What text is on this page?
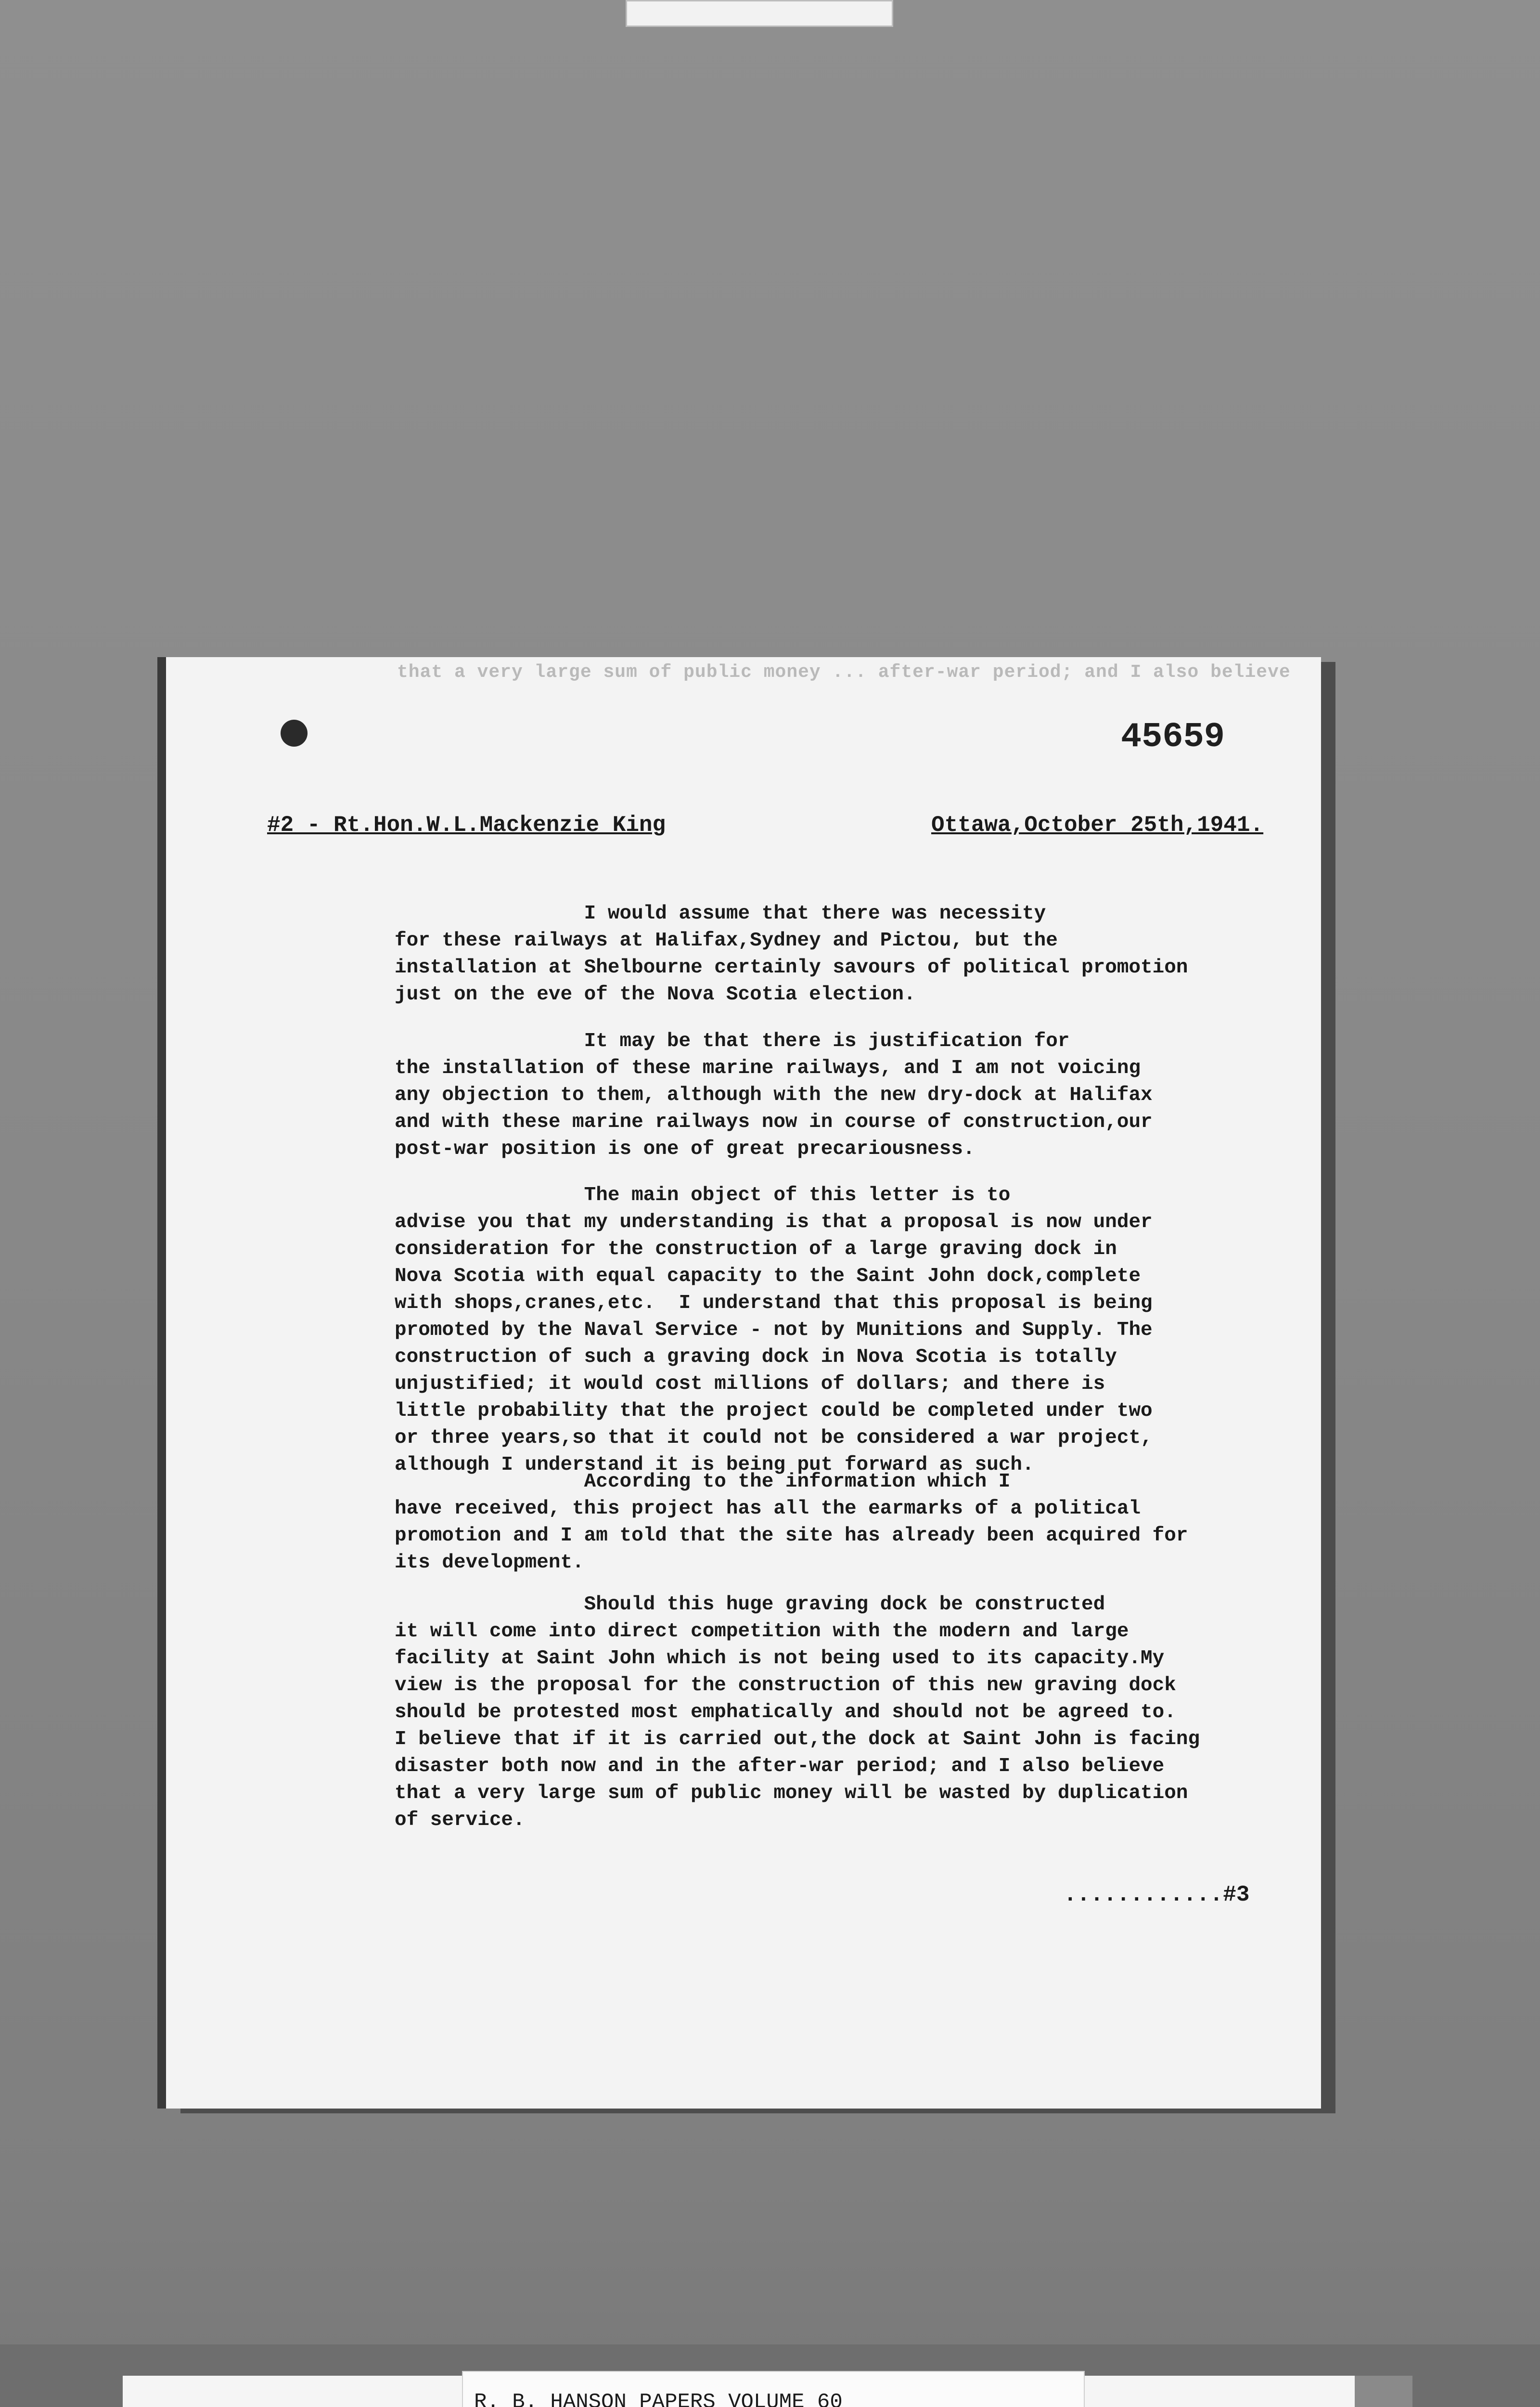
that a very large sum of public money ... after-war period; and I also believe
45659
#2 - Rt.Hon.W.L.Mackenzie King	Ottawa,October 25th,1941.

I would assume that there was necessity
for these railways at Halifax,Sydney and Pictou, but the
installation at Shelbourne certainly savours of political promotion
just on the eve of the Nova Scotia election.

It may be that there is justification for
the installation of these marine railways, and I am not voicing
any objection to them, although with the new dry-dock at Halifax
and with these marine railways now in course of construction,our
post-war position is one of great precariousness.

The main object of this letter is to
advise you that my understanding is that a proposal is now under
consideration for the construction of a large graving dock in
Nova Scotia with equal capacity to the Saint John dock,complete
with shops,cranes,etc.  I understand that this proposal is being
promoted by the Naval Service - not by Munitions and Supply. The
construction of such a graving dock in Nova Scotia is totally
unjustified; it would cost millions of dollars; and there is
little probability that the project could be completed under two
or three years,so that it could not be considered a war project,
although I understand it is being put forward as such.

According to the information which I
have received, this project has all the earmarks of a political
promotion and I am told that the site has already been acquired for
its development.

Should this huge graving dock be constructed
it will come into direct competition with the modern and large
facility at Saint John which is not being used to its capacity.My
view is the proposal for the construction of this new graving dock
should be protested most emphatically and should not be agreed to.
I believe that if it is carried out,the dock at Saint John is facing
disaster both now and in the after-war period; and I also believe
that a very large sum of public money will be wasted by duplication
of service.

............#3
R. B. HANSON PAPERS VOLUME 60
